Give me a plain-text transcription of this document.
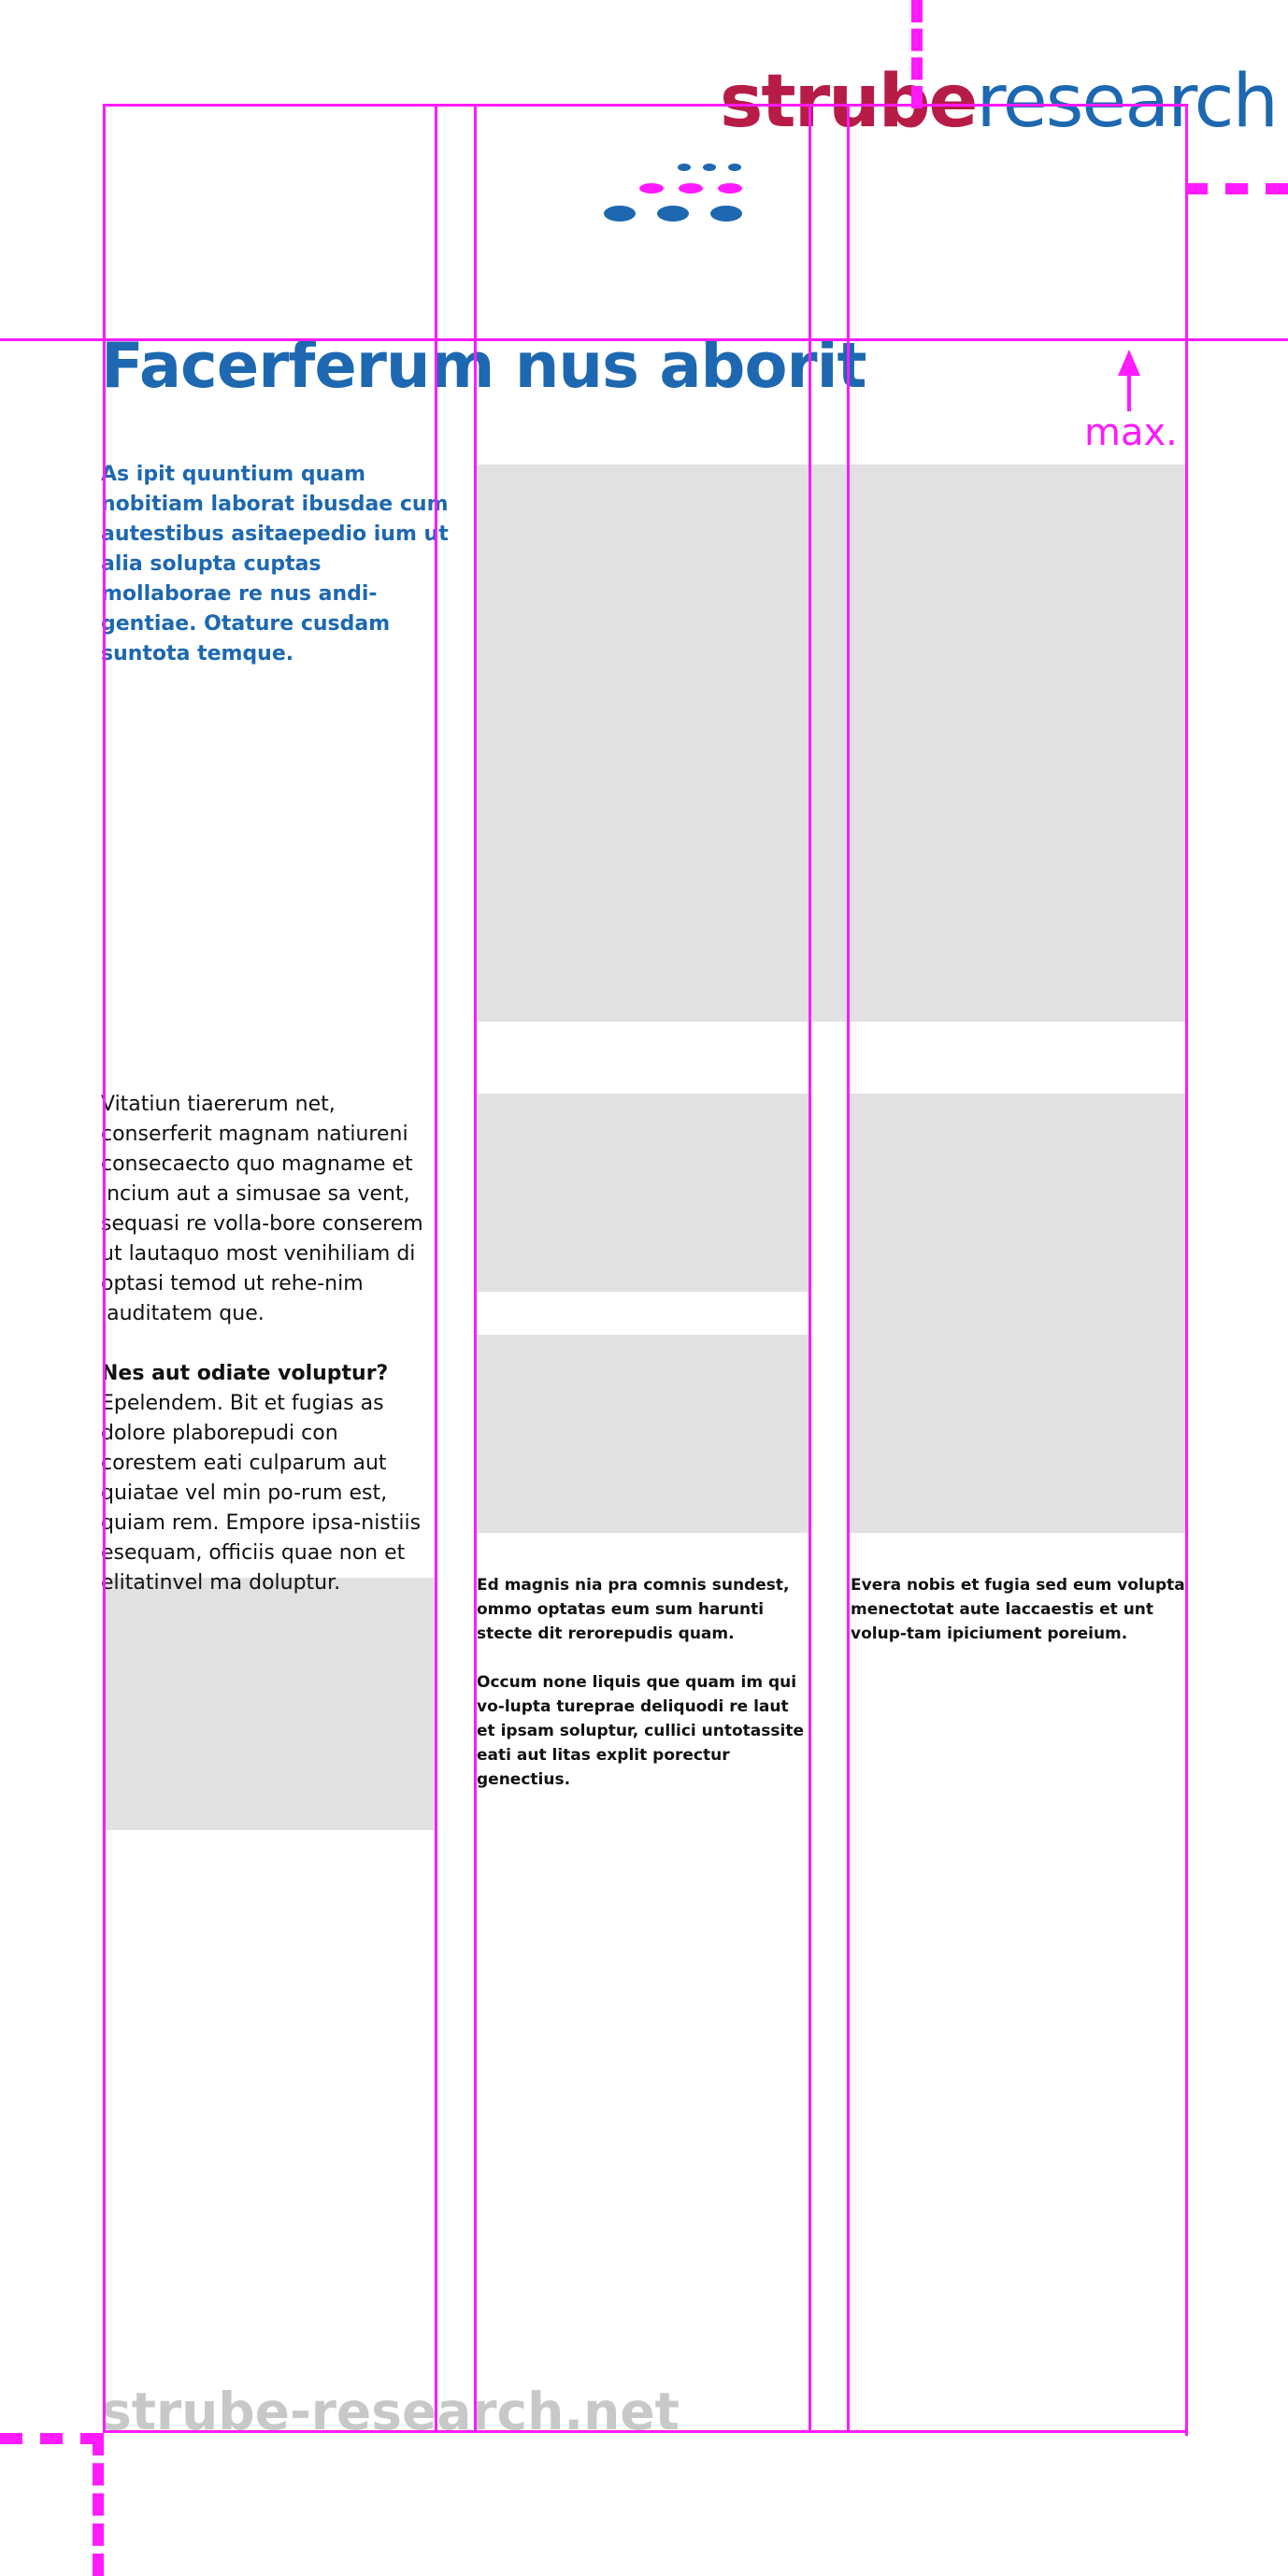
struberesearch
Facerferum nus aborit
As ipit quuntium quam nobitiam laborat ibusdae cum autestibus asitaepedio ium ut alia solupta cuptas mollaborae re nus andi-gentiae. Otature cusdam suntota temque.
Vitatiun tiaererum net, conserferit magnam natiureni consecaecto quo magname et incium aut a simusae sa vent, sequasi re volla-bore conserem ut lautaquo most venihiliam di optasi temod ut rehe-nim lauditatem que.
Nes aut odiate voluptur?
Epelendem. Bit et fugias as dolore plaborepudi con corestem eati culparum aut quiatae vel min po-rum est, quiam rem. Empore ipsa-nistiis esequam, officiis quae non et elitatinvel ma doluptur.	Ed magnis nia pra comnis sundest, ommo optatas eum sum harunti stecte dit rerorepudis quam.
Occum none liquis que quam im qui vo-lupta tureprae deliquodi re laut et ipsam soluptur, cullici untotassite eati aut litas explit porectur genectius.
Evera nobis et fugia sed eum volupta menectotat aute laccaestis et unt volup-tam ipiciument poreium.
strube-research.net
max.
